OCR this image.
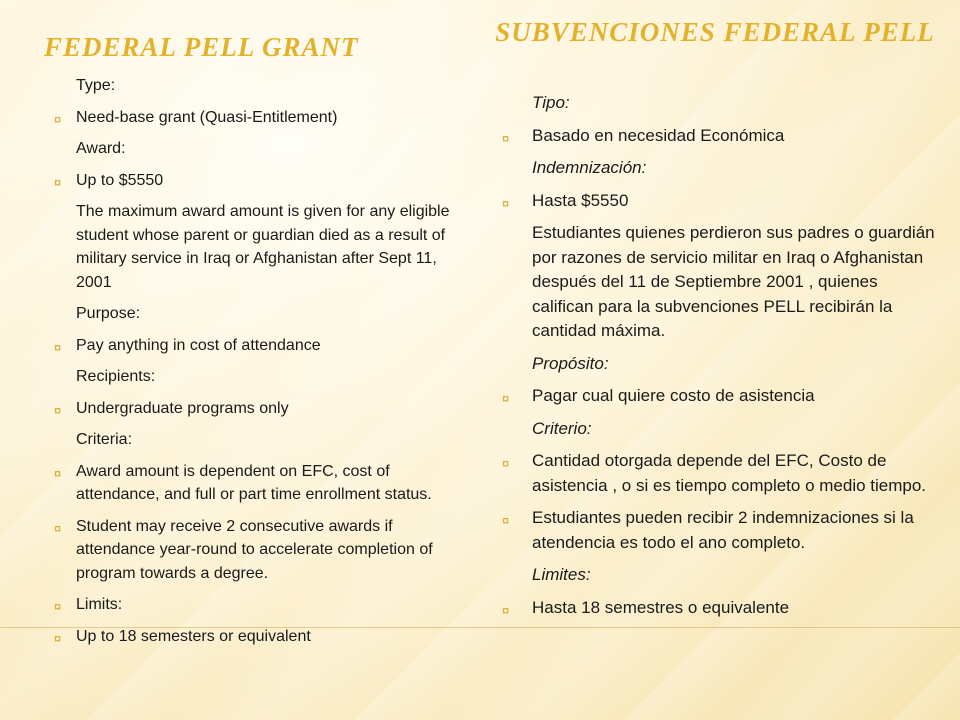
FEDERAL PELL GRANT	SUBVENCIONES FEDERAL PELL
Type:
¤ Need-base grant (Quasi-Entitlement)
Award:
¤ Up to $5550
The maximum award amount is given for any eligible student whose parent or guardian died as a result of military service in Iraq or Afghanistan after Sept 11, 2001
Purpose:
¤ Pay anything in cost of attendance
Recipients:
¤ Undergraduate programs only
Criteria:
¤ Award amount is dependent on EFC, cost of attendance, and full or part time enrollment status.
¤ Student may receive 2 consecutive awards if attendance year-round to accelerate completion of program towards a degree.
¤ Limits:
¤ Up to 18 semesters or equivalent
Tipo:
¤ Basado en necesidad Económica
Indemnización:
¤ Hasta $5550
Estudiantes quienes perdieron sus padres o guardián por razones de servicio militar en Iraq o Afghanistan después del 11 de Septiembre 2001 , quienes califican para la subvenciones PELL recibirán la cantidad máxima.
Propósito:
¤ Pagar cual quiere costo de asistencia
Criterio:
¤ Cantidad otorgada depende del EFC, Costo de asistencia , o si es tiempo completo o medio tiempo.
¤ Estudiantes pueden recibir 2 indemnizaciones si la atendencia es todo el ano completo.
Limites:
¤ Hasta 18 semestres o equivalente
